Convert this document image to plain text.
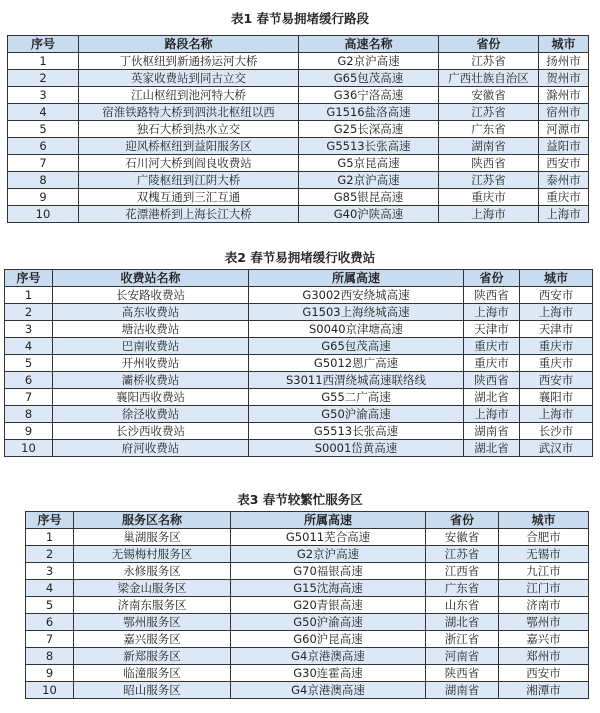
表1 春节易拥堵缓行路段
序号	路段名称	高速名称	省份	城市
1	丁伙枢纽到新通扬运河大桥	G2京沪高速	江苏省	扬州市
2	英家收费站到同古立交	G65包茂高速	广西壮族自治区	贺州市
3	江山枢纽到池河特大桥	G36宁洛高速	安徽省	滁州市
4	宿淮铁路特大桥到泗洪北枢纽以西	G1516盐洛高速	江苏省	宿州市
5	独石大桥到热水立交	G25长深高速	广东省	河源市
6	迎风桥枢纽到益阳服务区	G5513长张高速	湖南省	益阳市
7	石川河大桥到阎良收费站	G5京昆高速	陕西省	西安市
8	广陵枢纽到江阴大桥	G2京沪高速	江苏省	泰州市
9	双槐互通到三汇互通	G85银昆高速	重庆市	重庆市
10	花漂港桥到上海长江大桥	G40沪陕高速	上海市	上海市
表2 春节易拥堵缓行收费站
序号	收费站名称	所属高速	省份	城市
1	长安路收费站	G3002西安绕城高速	陕西省	西安市
2	高东收费站	G1503上海绕城高速	上海市	上海市
3	塘沽收费站	S0040京津塘高速	天津市	天津市
4	巴南收费站	G65包茂高速	重庆市	重庆市
5	开州收费站	G5012恩广高速	重庆市	重庆市
6	灞桥收费站	S3011西渭绕城高速联络线	陕西省	西安市
7	襄阳西收费站	G55二广高速	湖北省	襄阳市
8	徐泾收费站	G50沪渝高速	上海市	上海市
9	长沙西收费站	G5513长张高速	湖南省	长沙市
10	府河收费站	S0001岱黄高速	湖北省	武汉市
表3 春节较繁忙服务区
序号	服务区名称	所属高速	省份	城市
1	巢湖服务区	G5011芜合高速	安徽省	合肥市
2	无锡梅村服务区	G2京沪高速	江苏省	无锡市
3	永修服务区	G70福银高速	江西省	九江市
4	梁金山服务区	G15沈海高速	广东省	江门市
5	济南东服务区	G20青银高速	山东省	济南市
6	鄂州服务区	G50沪渝高速	湖北省	鄂州市
7	嘉兴服务区	G60沪昆高速	浙江省	嘉兴市
8	新郑服务区	G4京港澳高速	河南省	郑州市
9	临潼服务区	G30连霍高速	陕西省	西安市
10	昭山服务区	G4京港澳高速	湖南省	湘潭市
